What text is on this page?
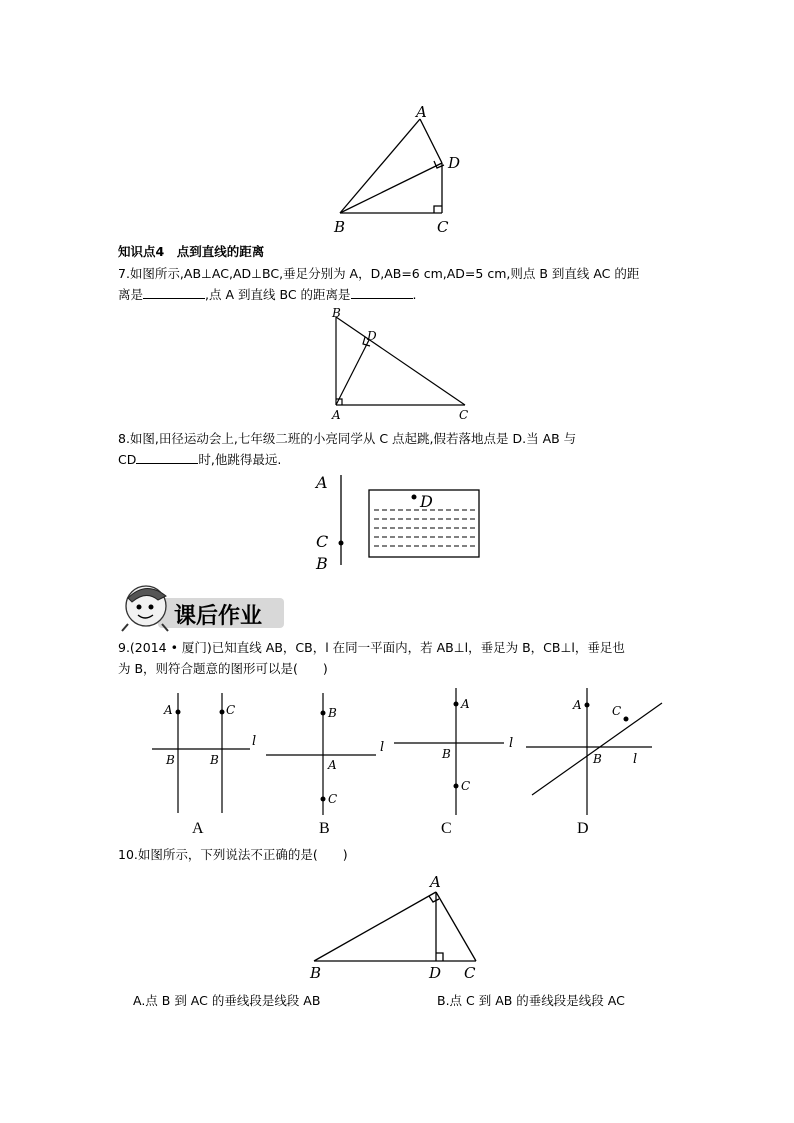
A
D
B	C
知识点4　点到直线的距离
7.如图所示,AB⊥AC,AD⊥BC,垂足分别为 A，D,AB=6 cm,AD=5 cm,则点 B 到直线 AC 的距
离是	,点 A 到直线 BC 的距离是	.
B
D
A	C
8.如图,田径运动会上,七年级二班的小亮同学从 C 点起跳,假若落地点是 D.当 AB 与
CD	时,他跳得最远.
A
C
B
D
课后作业
9.(2014 • 厦门)已知直线 AB，CB，l 在同一平面内，若 AB⊥l，垂足为 B，CB⊥l，垂足也
为 B，则符合题意的图形可以是(　　)
A	C
B	B
l
B
A
C
l
A
B
C
l
A	C
B l
A	B	C	D
10.如图所示，下列说法不正确的是(　　)
A
B	D C
A.点 B 到 AC 的垂线段是线段 AB	B.点 C 到 AB 的垂线段是线段 AC
